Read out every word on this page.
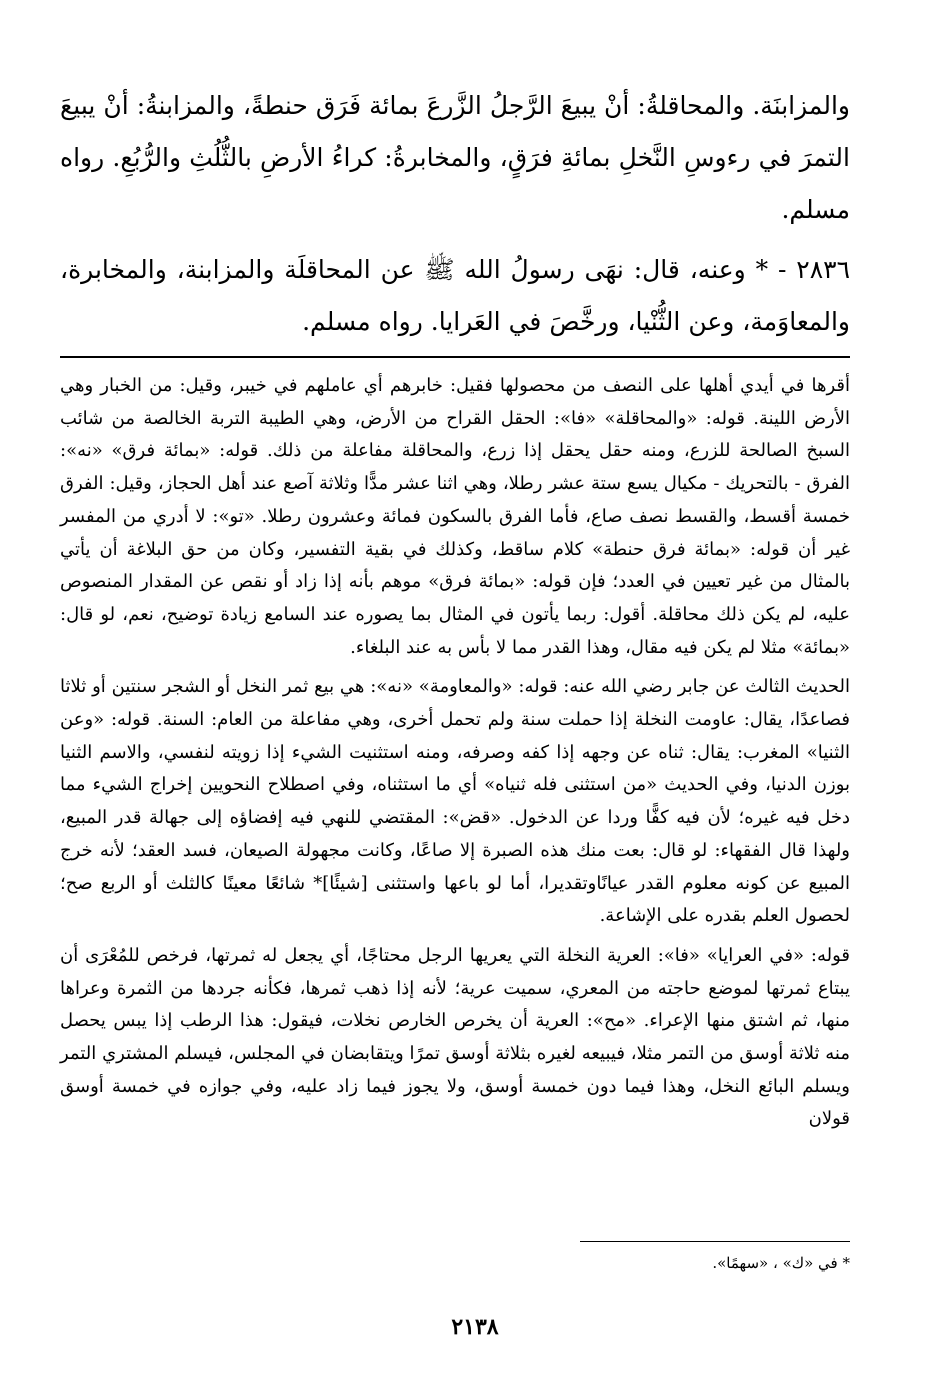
والمزابنَة. والمحاقلةُ: أنْ يبيعَ الرَّجلُ الزَّرعَ بمائة فَرَق حنطةً، والمزابنةُ: أنْ يبيعَ التمرَ في رءوسِ النَّخلِ بمائةِ فرَقٍ، والمخابرةُ: كراءُ الأرضِ بالثُّلُثِ والرُّبُعِ. رواه مسلم.

٢٨٣٦ - * وعنه، قال: نهَى رسولُ الله ﷺ عن المحاقلَة والمزابنة، والمخابرة، والمعاوَمة، وعن الثُّنْيا، ورخَّصَ في العَرايا. رواه مسلم.

أقرها في أيدي أهلها على النصف من محصولها فقيل: خابرهم أي عاملهم في خيبر، وقيل: من الخبار وهي الأرض اللينة. قوله: «والمحاقلة» «فا»: الحقل القراح من الأرض، وهي الطيبة التربة الخالصة من شائب السبخ الصالحة للزرع، ومنه حقل يحقل إذا زرع، والمحاقلة مفاعلة من ذلك. قوله: «بمائة فرق» «نه»: الفرق - بالتحريك - مكيال يسع ستة عشر رطلا، وهي اثنا عشر مدًّا وثلاثة آصع عند أهل الحجاز، وقيل: الفرق خمسة أقسط، والقسط نصف صاع، فأما الفرق بالسكون فمائة وعشرون رطلا. «تو»: لا أدري من المفسر غير أن قوله: «بمائة فرق حنطة» كلام ساقط، وكذلك في بقية التفسير، وكان من حق البلاغة أن يأتي بالمثال من غير تعيين في العدد؛ فإن قوله: «بمائة فرق» موهم بأنه إذا زاد أو نقص عن المقدار المنصوص عليه، لم يكن ذلك محاقلة. أقول: ربما يأتون في المثال بما يصوره عند السامع زيادة توضيح، نعم، لو قال: «بمائة» مثلا لم يكن فيه مقال، وهذا القدر مما لا بأس به عند البلغاء.

الحديث الثالث عن جابر رضي الله عنه: قوله: «والمعاومة» «نه»: هي بيع ثمر النخل أو الشجر سنتين أو ثلاثا فصاعدًا، يقال: عاومت النخلة إذا حملت سنة ولم تحمل أخرى، وهي مفاعلة من العام: السنة. قوله: «وعن الثنيا» المغرب: يقال: ثناه عن وجهه إذا كفه وصرفه، ومنه استثنيت الشيء إذا زويته لنفسي، والاسم الثنيا بوزن الدنيا، وفي الحديث «من استثنى فله ثنياه» أي ما استثناه، وفي اصطلاح النحويين إخراج الشيء مما دخل فيه غيره؛ لأن فيه كفًّا وردا عن الدخول. «قض»: المقتضي للنهي فيه إفضاؤه إلى جهالة قدر المبيع، ولهذا قال الفقهاء: لو قال: بعت منك هذه الصبرة إلا صاعًا، وكانت مجهولة الصيعان، فسد العقد؛ لأنه خرج المبيع عن كونه معلوم القدر عيانًاوتقديرا، أما لو باعها واستثنى [شيئًا]* شائعًا معينًا كالثلث أو الربع صح؛ لحصول العلم بقدره على الإشاعة.

قوله: «في العرايا» «فا»: العرية النخلة التي يعريها الرجل محتاجًا، أي يجعل له ثمرتها، فرخص للمُعْرَى أن يبتاع ثمرتها لموضع حاجته من المعري، سميت عرية؛ لأنه إذا ذهب ثمرها، فكأنه جردها من الثمرة وعراها منها، ثم اشتق منها الإعراء. «مح»: العرية أن يخرص الخارص نخلات، فيقول: هذا الرطب إذا يبس يحصل منه ثلاثة أوسق من التمر مثلا، فيبيعه لغيره بثلاثة أوسق تمرًا ويتقابضان في المجلس، فيسلم المشتري التمر ويسلم البائع النخل، وهذا فيما دون خمسة أوسق، ولا يجوز فيما زاد عليه، وفي جوازه في خمسة أوسق قولان

* في «ك» ، «سهمًا».
٢١٣٨
